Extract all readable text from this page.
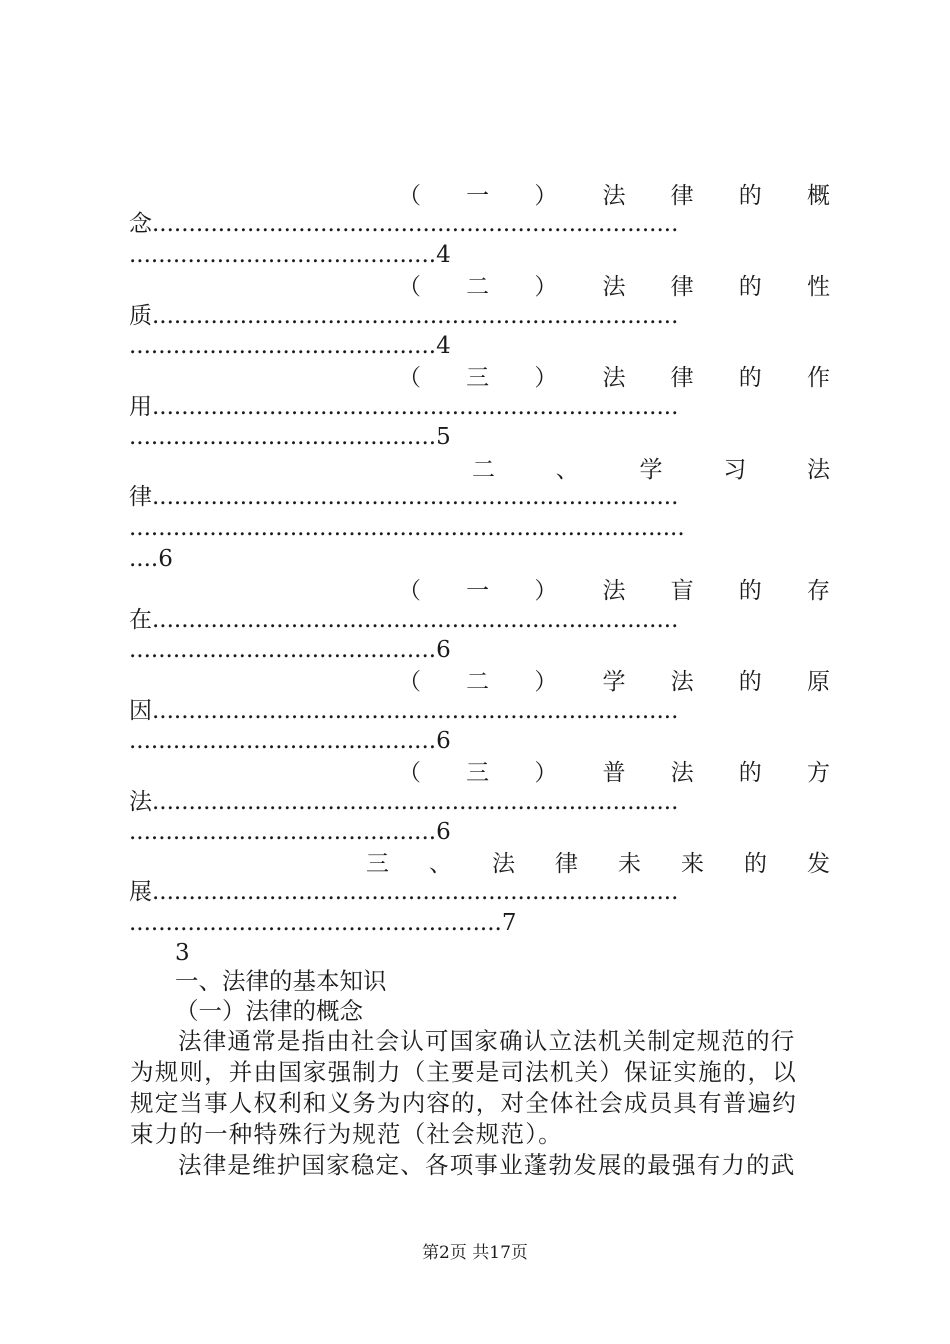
（ 一 ） 法 律 的 概
念........................................................................
..........................................4
（ 二 ） 法 律 的 性
质........................................................................
..........................................4
（ 三 ） 法 律 的 作
用........................................................................
..........................................5
二	、	学	习	法
律........................................................................
............................................................................
....6
（ 一 ） 法 盲 的 存
在........................................................................
..........................................6
（ 二 ） 学 法 的 原
因........................................................................
..........................................6
（ 三 ） 普 法 的 方
法........................................................................
..........................................6
三 、 法 律 未 来 的 发
展........................................................................
...................................................7
3
一、法律的基本知识
（一）法律的概念
法律通常是指由社会认可国家确认立法机关制定规范的行
为规则，并由国家强制力（主要是司法机关）保证实施的，以
规定当事人权利和义务为内容的，对全体社会成员具有普遍约
束力的一种特殊行为规范（社会规范）。
法律是维护国家稳定、各项事业蓬勃发展的最强有力的武
第2页 共17页
